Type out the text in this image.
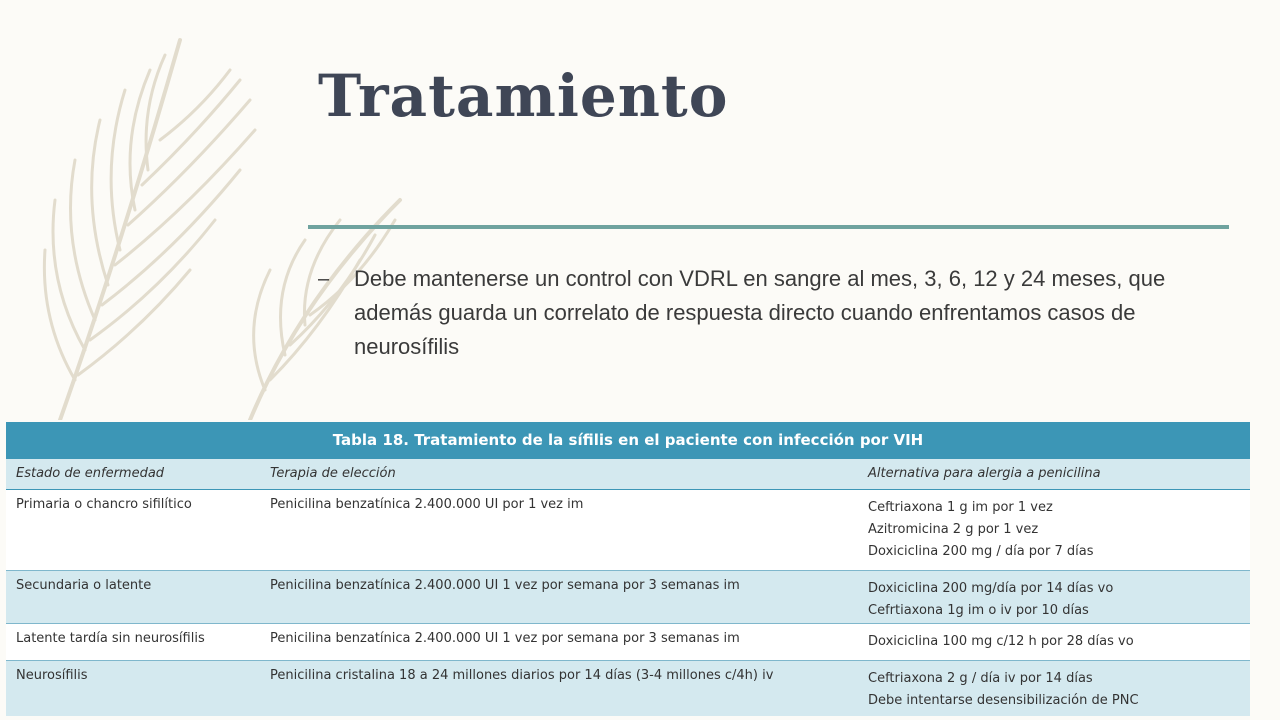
Tratamiento
–	Debe mantenerse un control con VDRL en sangre al mes, 3, 6, 12 y 24 meses, que además guarda un correlato de respuesta directo cuando enfrentamos casos de neurosífilis
Tabla 18. Tratamiento de la sífilis en el paciente con infección por VIH
Estado de enfermedad	Terapia de elección	Alternativa para alergia a penicilina
Primaria o chancro sifilítico	Penicilina benzatínica 2.400.000 UI por 1 vez im	Ceftriaxona 1 g im por 1 vez
Azitromicina 2 g por 1 vez
Doxiciclina 200 mg / día por 7 días
Secundaria o latente	Penicilina benzatínica 2.400.000 UI 1 vez por semana por 3 semanas im	Doxiciclina 200 mg/día por 14 días vo
Cefrtiaxona 1g im o iv por 10 días
Latente tardía sin neurosífilis	Penicilina benzatínica 2.400.000 UI 1 vez por semana por 3 semanas im	Doxiciclina 100 mg c/12 h por 28 días vo
Neurosífilis	Penicilina cristalina 18 a 24 millones diarios por 14 días (3-4 millones c/4h) iv	Ceftriaxona 2 g / día iv por 14 días
Debe intentarse desensibilización de PNC
